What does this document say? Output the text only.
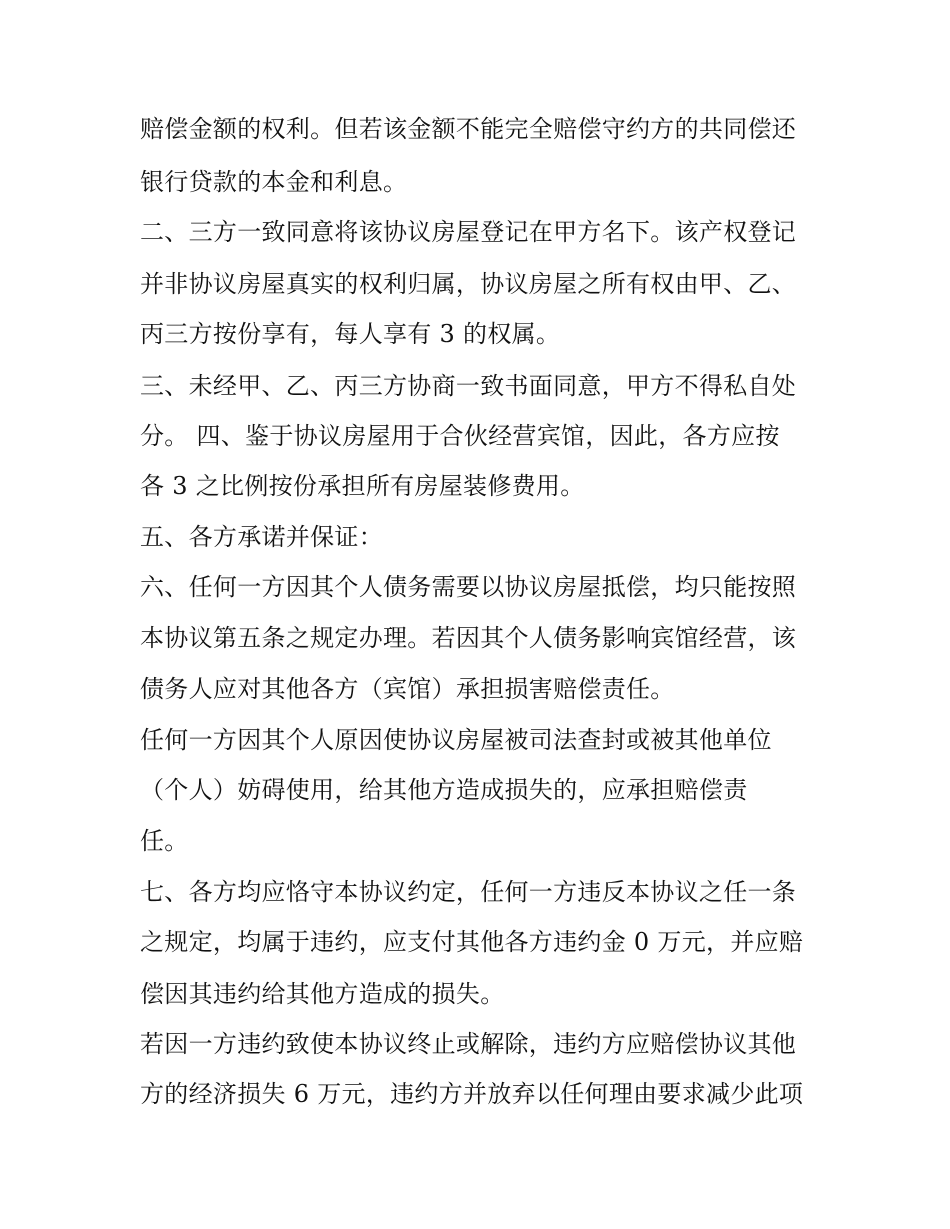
赔偿金额的权利。但若该金额不能完全赔偿守约方的共同偿还
银行贷款的本金和利息。
二、三方一致同意将该协议房屋登记在甲方名下。该产权登记
并非协议房屋真实的权利归属，协议房屋之所有权由甲、乙、
丙三方按份享有，每人享有 3 的权属。
三、未经甲、乙、丙三方协商一致书面同意，甲方不得私自处
分。 四、鉴于协议房屋用于合伙经营宾馆，因此，各方应按
各 3 之比例按份承担所有房屋装修费用。
五、各方承诺并保证：
六、任何一方因其个人债务需要以协议房屋抵偿，均只能按照
本协议第五条之规定办理。若因其个人债务影响宾馆经营，该
债务人应对其他各方（宾馆）承担损害赔偿责任。
任何一方因其个人原因使协议房屋被司法查封或被其他单位
（个人）妨碍使用，给其他方造成损失的，应承担赔偿责
任。
七、各方均应恪守本协议约定，任何一方违反本协议之任一条
之规定，均属于违约，应支付其他各方违约金 0 万元，并应赔
偿因其违约给其他方造成的损失。
若因一方违约致使本协议终止或解除，违约方应赔偿协议其他
方的经济损失 6 万元，违约方并放弃以任何理由要求减少此项
